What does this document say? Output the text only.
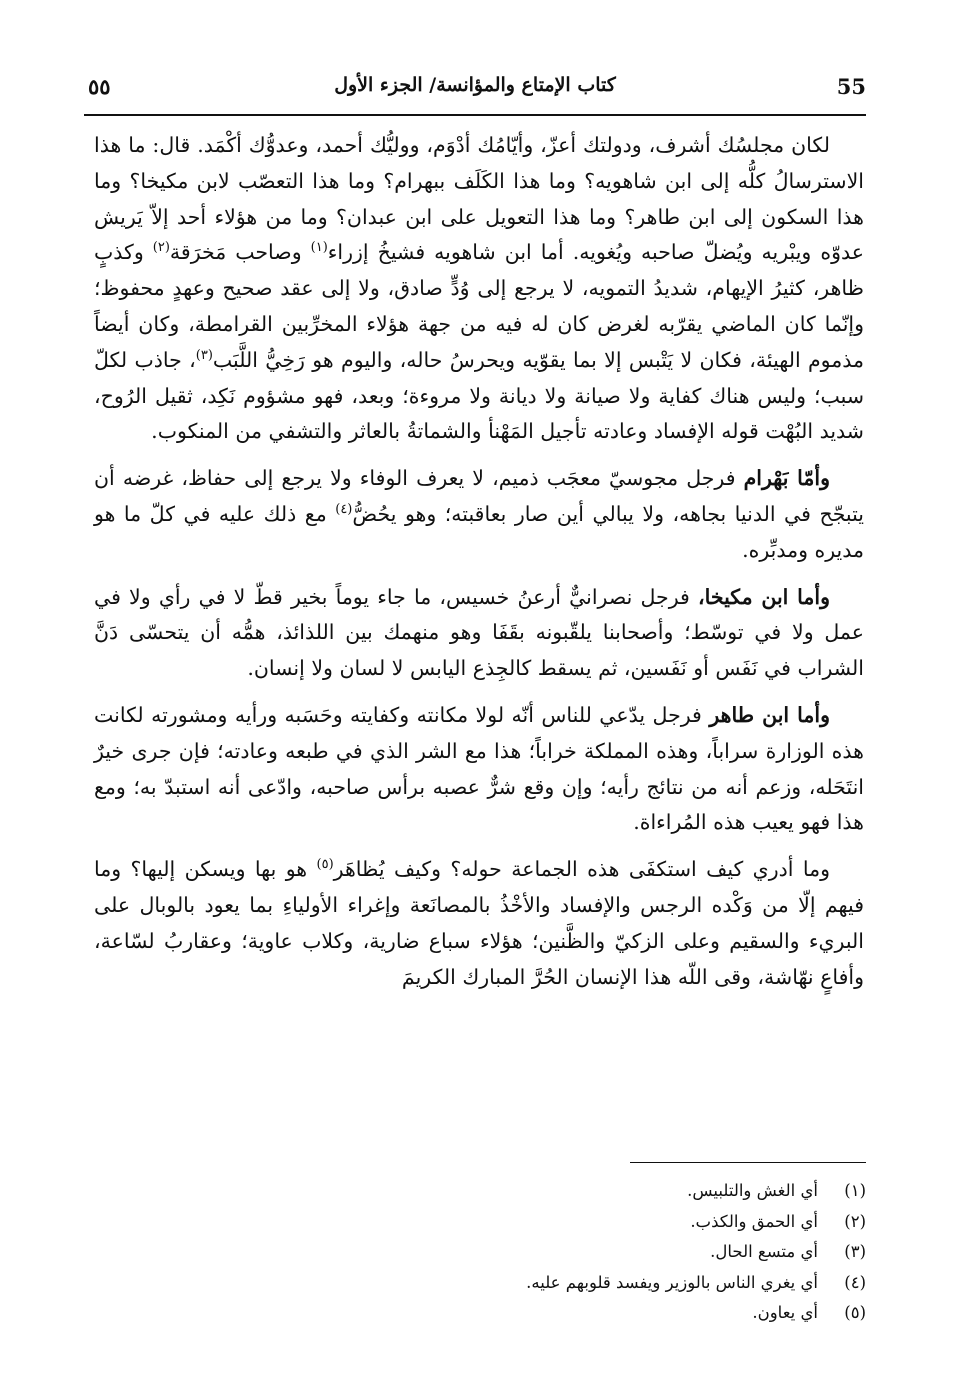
55
كتاب الإمتاع والمؤانسة/ الجزء الأول
٥٥

لكان مجلسُك أشرف، ودولتك أعزّ، وأيّامُك أدْوَم، ووليُّك أحمد، وعدوُّك أكْمَد. قال: ما هذا الاسترسالُ كلُّه إلى ابن شاهويه؟ وما هذا الكَلَف ببهرام؟ وما هذا التعصّب لابن مكيخا؟ وما هذا السكون إلى ابن طاهر؟ وما هذا التعويل على ابن عبدان؟ وما من هؤلاء أحد إلاّ يَريش عدوّه ويبْريه ويُضلّ صاحبه ويُغويه. أما ابن شاهويه فشيخُ إزراء$^{(١)}$ وصاحب مَخرَقة$^{(٢)}$ وكذبٍ ظاهر، كثيرُ الإيهام، شديدُ التمويه، لا يرجع إلى وُدٍّ صادق، ولا إلى عقد صحيح وعهدٍ محفوظ؛ وإنّما كان الماضي يقرّبه لغرض كان له فيه من جهة هؤلاء المخرِّبين القرامطة، وكان أيضاً مذموم الهيئة، فكان لا يَتْبس إلا بما يقوّيه ويحرسُ حاله، واليوم هو رَخِيُّ اللَّبَب$^{(٣)}$، جاذب لكلّ سبب؛ وليس هناك كفاية ولا صيانة ولا ديانة ولا مروءة؛ وبعد، فهو مشؤوم نَكِد، ثقيل الرُوح، شديد البُهْت قوله الإفساد وعادته تأجيل المَهْنأ والشماتةُ بالعاثر والتشفي من المنكوب.

وأمّا بَهْرام فرجل مجوسيّ معجَب ذميم، لا يعرف الوفاء ولا يرجع إلى حفاظ، غرضه أن يتبجّح في الدنيا بجاهه، ولا يبالي أين صار بعاقبته؛ وهو يحُضُّ$^{(٤)}$ مع ذلك عليه في كلّ ما هو مديره ومدبِّره.

وأما ابن مكيخا، فرجل نصرانيٌّ أرعنُ خسيس، ما جاء يوماً بخير قطّ لا في رأي ولا في عمل ولا في توسّط؛ وأصحابنا يلقّبونه بقَفَا وهو منهمك بين اللذائذ، همُّه أن يتحسّى دَنَّ الشراب في نَفَس أو نَفَسين، ثم يسقط كالجِذع اليابس لا لسان ولا إنسان.

وأما ابن طاهر فرجل يدّعي للناس أنّه لولا مكانته وكفايته وحَسَبه ورأيه ومشورته لكانت هذه الوزارة سراباً، وهذه المملكة خراباً؛ هذا مع الشر الذي في طبعه وعادته؛ فإن جرى خيرٌ انتَحَله، وزعم أنه من نتائج رأيه؛ وإن وقع شرٌّ عصبه برأس صاحبه، وادّعى أنه استبدّ به؛ ومع هذا فهو يعيب هذه المُراءاة.

وما أدري كيف استكفَى هذه الجماعة حوله؟ وكيف يُظاهَر$^{(٥)}$ هو بها ويسكن إليها؟ وما فيهم إلّا من وَكْده الرجس والإفساد والأخْذُ بالمصانَعة وإغراء الأولياءِ بما يعود بالوبال على البريء والسقيم وعلى الزكيّ والظَّنين؛ هؤلاء سباع ضارية، وكلاب عاوية؛ وعقاربُ لسّاعة، وأفاعٍ نهّاشة، وقى اللّه هذا الإنسان الحُرَّ المبارك الكريمَ

(١)
أي الغش والتلبيس.
(٢)
أي الحمق والكذب.
(٣)
أي متسع الحال.
(٤)
أي يغري الناس بالوزير ويفسد قلوبهم عليه.
(٥)
أي يعاون.
